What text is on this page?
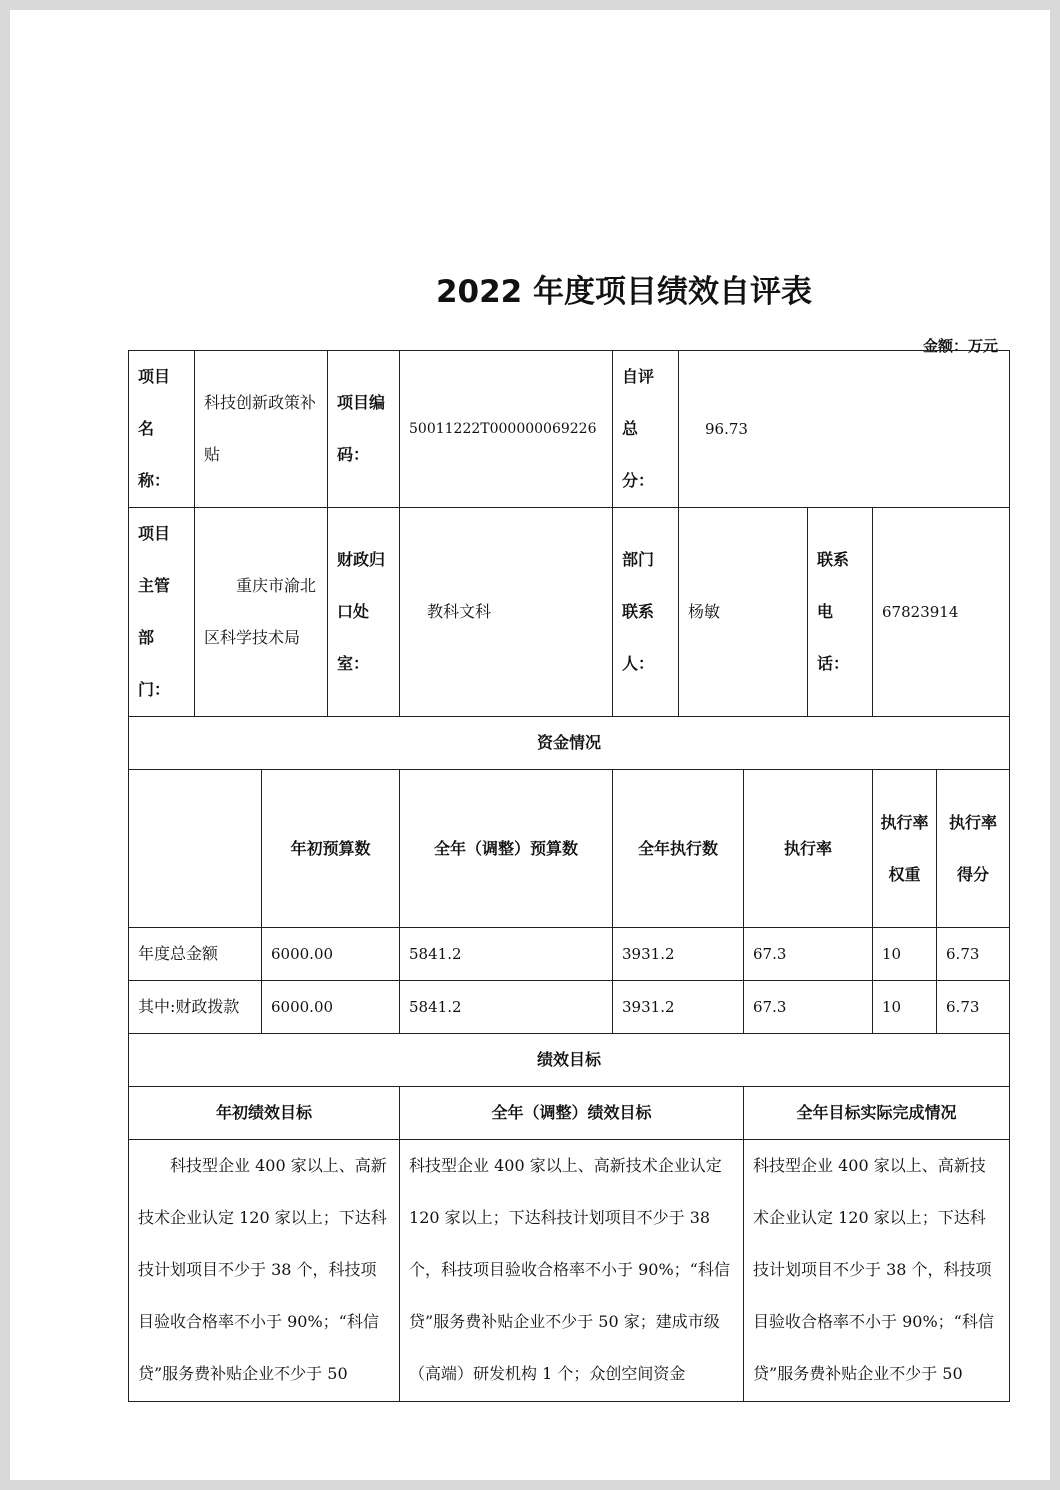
2022 年度项目绩效自评表
金额：万元
项目名称：	科技创新政策补贴		项目编码：	50011222T000000069226	自评总分：	96.73				
项目主管部门：	重庆市渝北区科学技术局		财政归口处室：	教科文科	部门联系人：	杨敏		联系电话：	67823914	
资金情况										
		年初预算数		全年（调整）预算数	全年执行数		执行率		执行率权重	执行率得分
年度总金额		6000.00		5841.2	3931.2		67.3		10	6.73
其中:财政拨款		6000.00		5841.2	3931.2		67.3		10	6.73
绩效目标										
年初绩效目标				全年（调整）绩效目标			全年目标实际完成情况			
科技型企业 400 家以上、高新技术企业认定 120 家以上；下达科技计划项目不少于 38 个，科技项目验收合格率不小于 90%；“科信贷”服务费补贴企业不少于 50				科技型企业 400 家以上、高新技术企业认定 120 家以上；下达科技计划项目不少于 38 个，科技项目验收合格率不小于 90%；“科信贷”服务费补贴企业不少于 50 家；建成市级（高端）研发机构 1 个；众创空间资金			科技型企业 400 家以上、高新技术企业认定 120 家以上；下达科技计划项目不少于 38 个，科技项目验收合格率不小于 90%；“科信贷”服务费补贴企业不少于 50			
